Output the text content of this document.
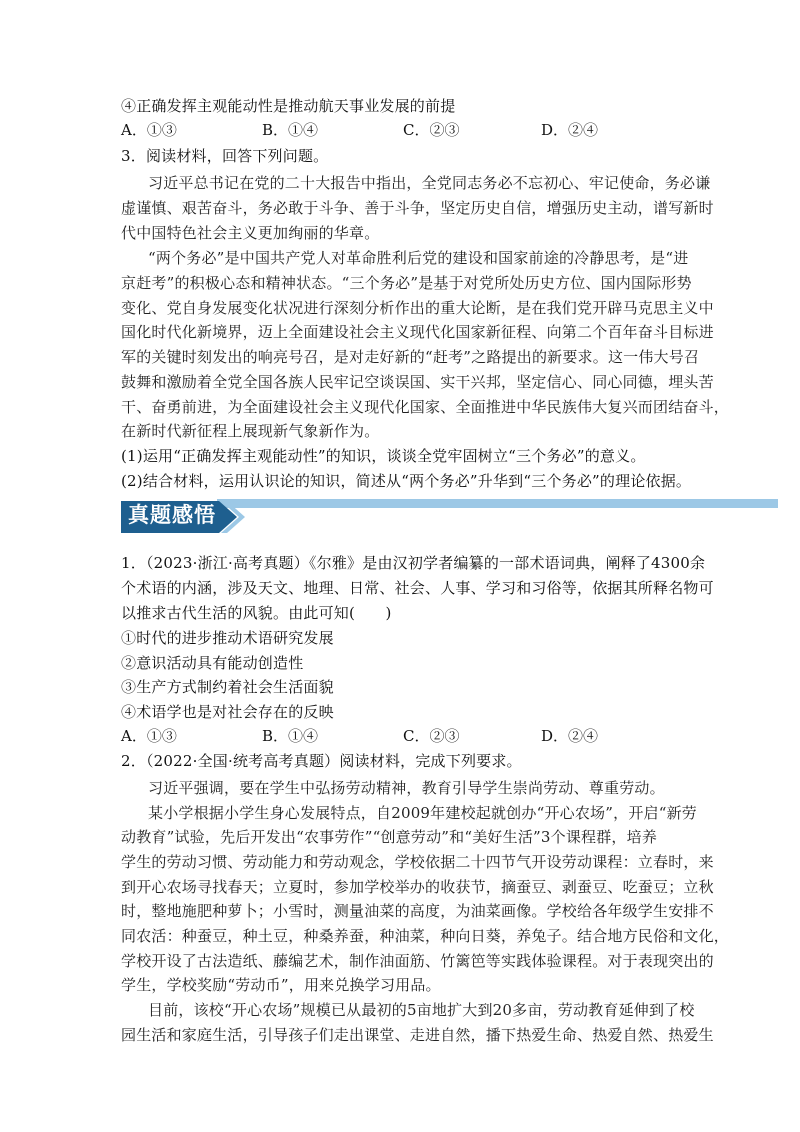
④正确发挥主观能动性是推动航天事业发展的前提
A．①③	B．①④	C．②③	D．②④
3．阅读材料，回答下列问题。
习近平总书记在党的二十大报告中指出，全党同志务必不忘初心、牢记使命，务必谦
虚谨慎、艰苦奋斗，务必敢于斗争、善于斗争，坚定历史自信，增强历史主动，谱写新时
代中国特色社会主义更加绚丽的华章。
“两个务必”是中国共产党人对革命胜利后党的建设和国家前途的冷静思考，是“进
京赶考”的积极心态和精神状态。“三个务必”是基于对党所处历史方位、国内国际形势
变化、党自身发展变化状况进行深刻分析作出的重大论断，是在我们党开辟马克思主义中
国化时代化新境界，迈上全面建设社会主义现代化国家新征程、向第二个百年奋斗目标进
军的关键时刻发出的响亮号召，是对走好新的“赶考”之路提出的新要求。这一伟大号召
鼓舞和激励着全党全国各族人民牢记空谈误国、实干兴邦，坚定信心、同心同德，埋头苦
干、奋勇前进，为全面建设社会主义现代化国家、全面推进中华民族伟大复兴而团结奋斗，
在新时代新征程上展现新气象新作为。
(1)运用“正确发挥主观能动性”的知识，谈谈全党牢固树立“三个务必”的意义。
(2)结合材料，运用认识论的知识，简述从“两个务必”升华到“三个务必”的理论依据。
真题感悟
1．（2023·浙江·高考真题）《尔雅》是由汉初学者编纂的一部术语词典，阐释了4300余
个术语的内涵，涉及天文、地理、日常、社会、人事、学习和习俗等，依据其所释名物可
以推求古代生活的风貌。由此可知(　　)
①时代的进步推动术语研究发展
②意识活动具有能动创造性
③生产方式制约着社会生活面貌
④术语学也是对社会存在的反映
A．①③	B．①④	C．②③	D．②④
2．（2022·全国·统考高考真题）阅读材料，完成下列要求。
习近平强调，要在学生中弘扬劳动精神，教育引导学生崇尚劳动、尊重劳动。
某小学根据小学生身心发展特点，自2009年建校起就创办“开心农场”，开启“新劳
动教育”试验，先后开发出“农事劳作”“创意劳动”和“美好生活”3个课程群，培养
学生的劳动习惯、劳动能力和劳动观念，学校依据二十四节气开设劳动课程：立春时，来
到开心农场寻找春天；立夏时，参加学校举办的收获节，摘蚕豆、剥蚕豆、吃蚕豆；立秋
时，整地施肥种萝卜；小雪时，测量油菜的高度，为油菜画像。学校给各年级学生安排不
同农活：种蚕豆，种土豆，种桑养蚕，种油菜，种向日葵，养兔子。结合地方民俗和文化，
学校开设了古法造纸、藤编艺术，制作油面筋、竹篱笆等实践体验课程。对于表现突出的
学生，学校奖励“劳动币”，用来兑换学习用品。
目前，该校“开心农场”规模已从最初的5亩地扩大到20多亩，劳动教育延伸到了校
园生活和家庭生活，引导孩子们走出课堂、走进自然，播下热爱生命、热爱自然、热爱生
